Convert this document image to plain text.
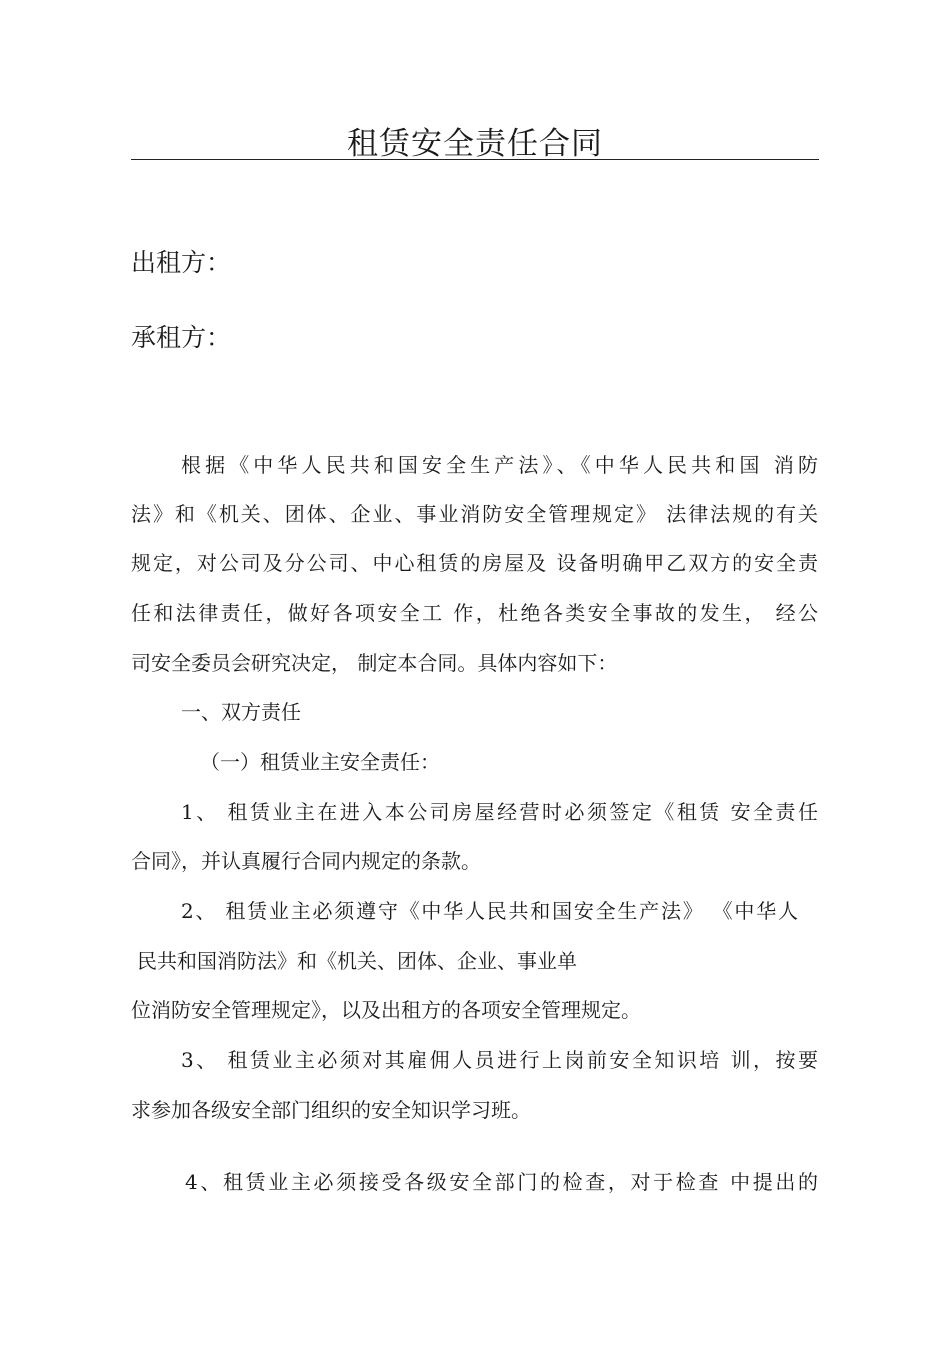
租赁安全责任合同
出租方：
承租方：
根据《中华人民共和国安全生产法》、《中华人民共和国 消防
法》和《机关、团体、企业、事业消防安全管理规定》 法律法规的有关
规定，对公司及分公司、中心租赁的房屋及 设备明确甲乙双方的安全责
任和法律责任，做好各项安全工 作，杜绝各类安全事故的发生， 经公
司安全委员会研究决定， 制定本合同。具体内容如下：
一、双方责任
（一）租赁业主安全责任：
1、 租赁业主在进入本公司房屋经营时必须签定《租赁 安全责任
合同》，并认真履行合同内规定的条款。
2、 租赁业主必须遵守《中华人民共和国安全生产法》 《中华人
民共和国消防法》和《机关、团体、企业、事业单
位消防安全管理规定》，以及出租方的各项安全管理规定。
3、 租赁业主必须对其雇佣人员进行上岗前安全知识培 训，按要
求参加各级安全部门组织的安全知识学习班。
4、租赁业主必须接受各级安全部门的检查，对于检查 中提出的
